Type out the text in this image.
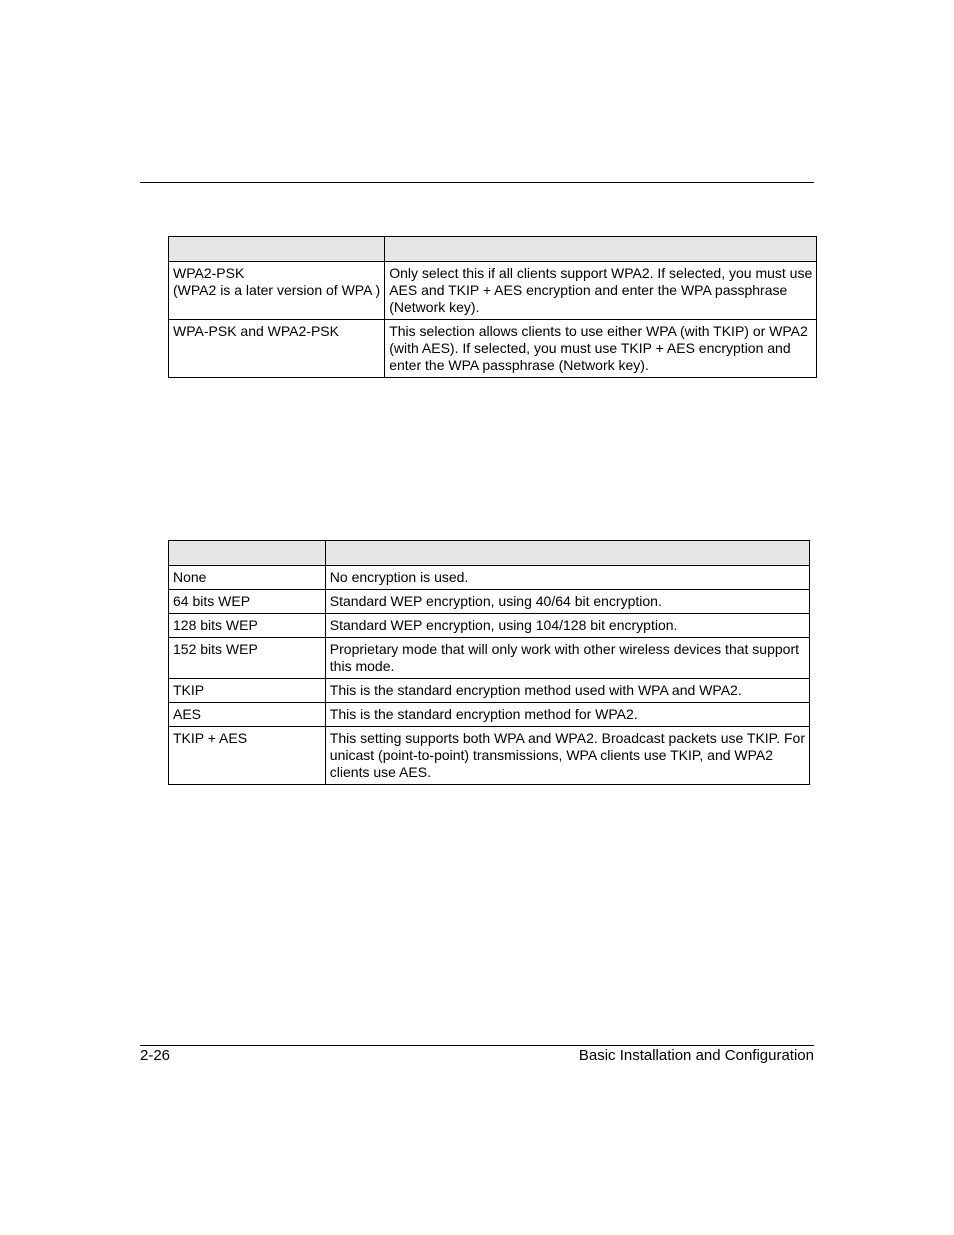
WPA2-PSK
(WPA2 is a later version of WPA )	Only select this if all clients support WPA2. If selected, you must use
AES and TKIP + AES encryption and enter the WPA passphrase
(Network key).

WPA-PSK and WPA2-PSK	This selection allows clients to use either WPA (with TKIP) or WPA2
(with AES). If selected, you must use TKIP + AES encryption and
enter the WPA passphrase (Network key).

None	No encryption is used.

64 bits WEP	Standard WEP encryption, using 40/64 bit encryption.

128 bits WEP	Standard WEP encryption, using 104/128 bit encryption.

152 bits WEP	Proprietary mode that will only work with other wireless devices that support
this mode.

TKIP	This is the standard encryption method used with WPA and WPA2.

AES	This is the standard encryption method for WPA2.

TKIP + AES	This setting supports both WPA and WPA2. Broadcast packets use TKIP. For
unicast (point-to-point) transmissions, WPA clients use TKIP, and WPA2
clients use AES.
2-26	Basic Installation and Configuration
